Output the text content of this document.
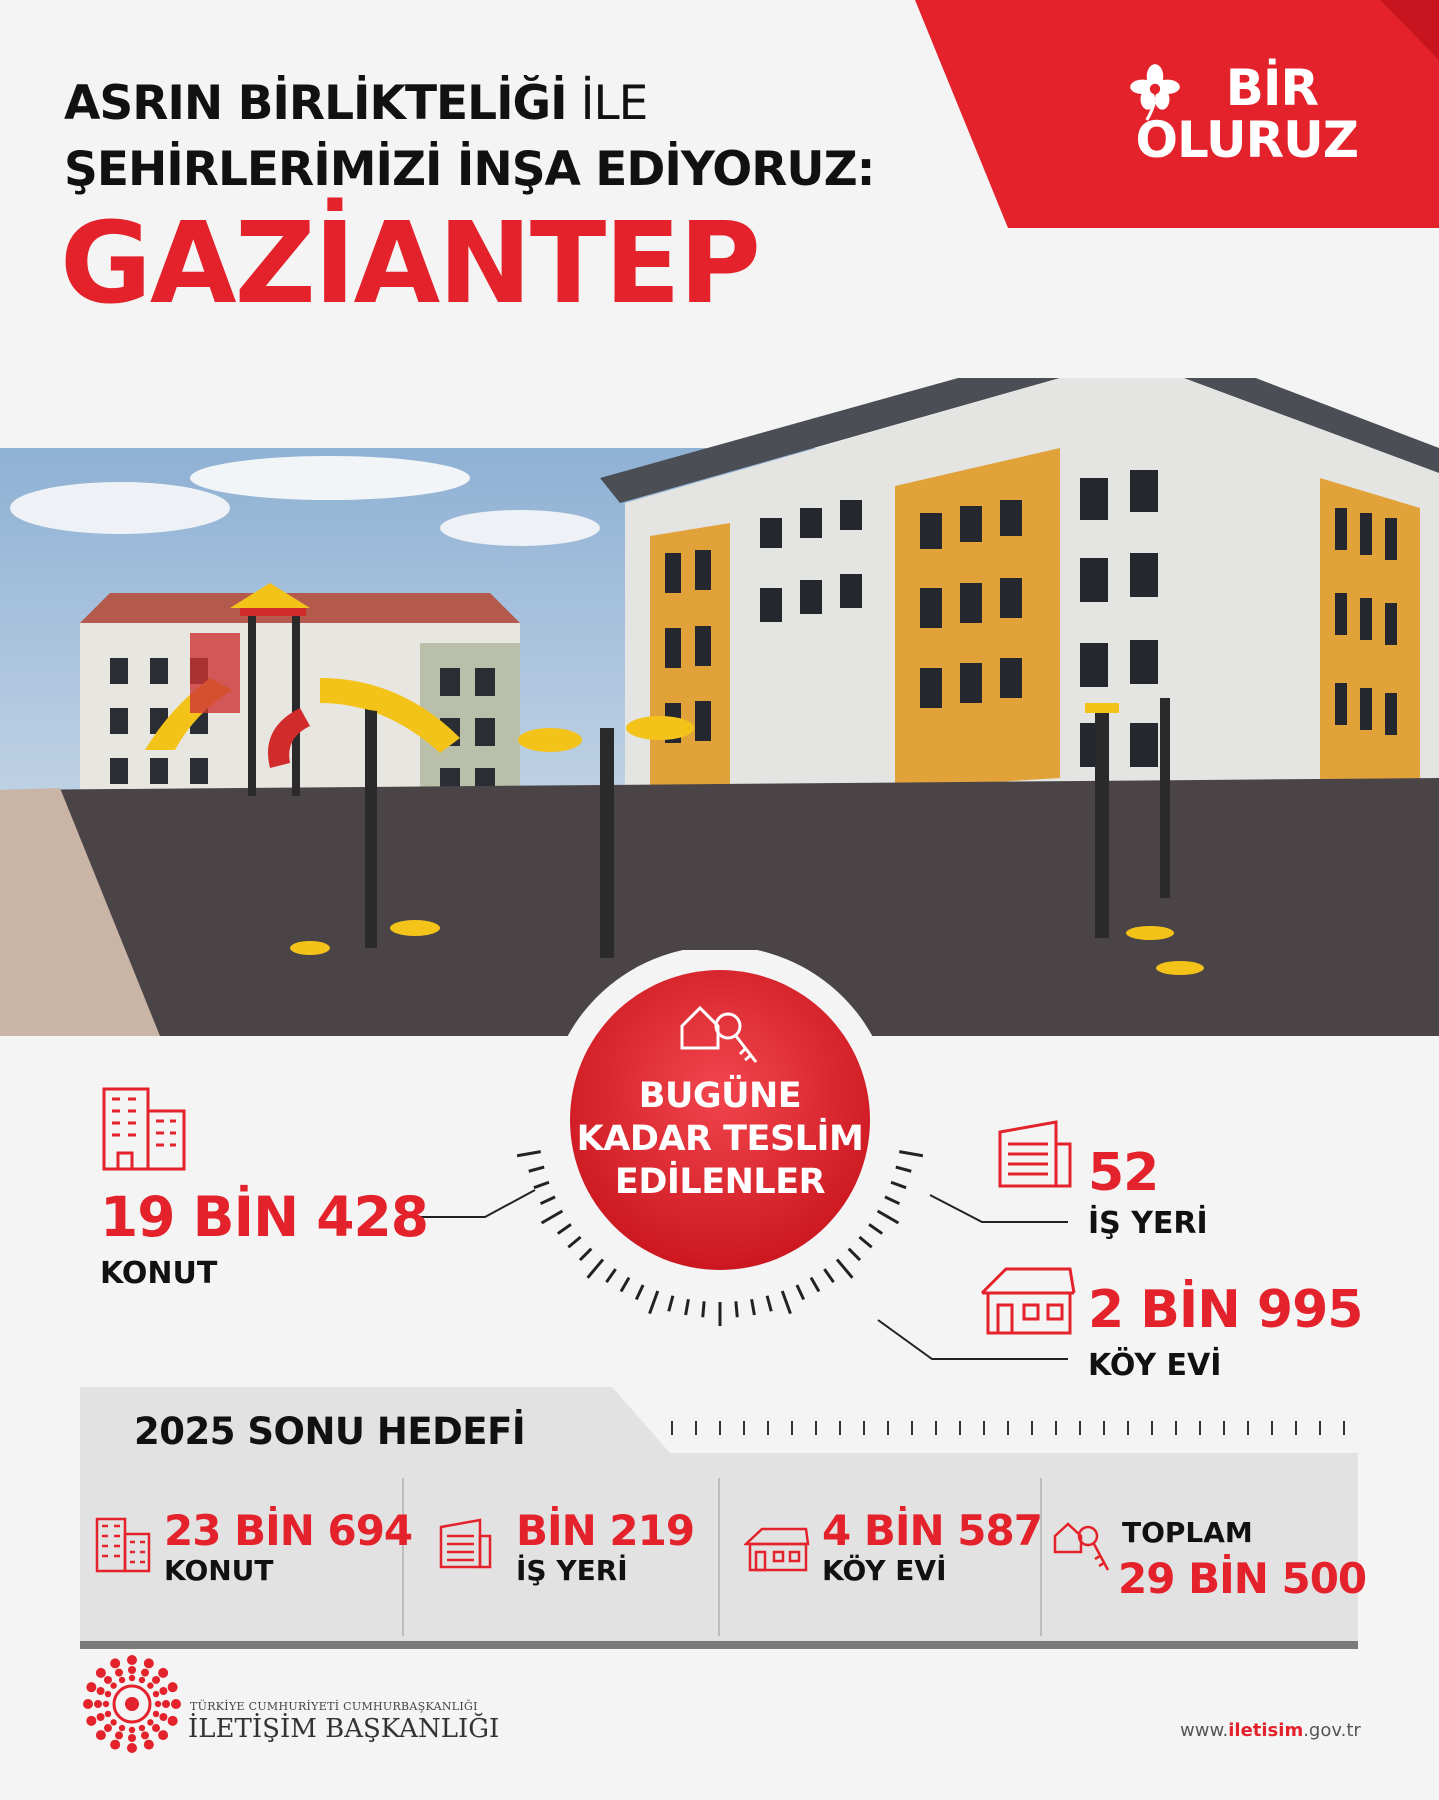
ASRIN BİRLİKTELİĞİ İLE
ŞEHİRLERİMİZİ İNŞA EDİYORUZ:
GAZİANTEP
BİR
OLURUZ
BUGÜNE
KADAR TESLİM
EDİLENLER
19 BİN 428
KONUT
52
İŞ YERİ
2 BİN 995
KÖY EVİ
2025 SONU HEDEFİ
23 BİN 694
KONUT
BİN 219
İŞ YERİ
4 BİN 587
KÖY EVİ
TOPLAM
29 BİN 500
TÜRKİYE CUMHURİYETİ CUMHURBAŞKANLIĞI
İLETİŞİM BAŞKANLIĞI	www.iletisim.gov.tr
